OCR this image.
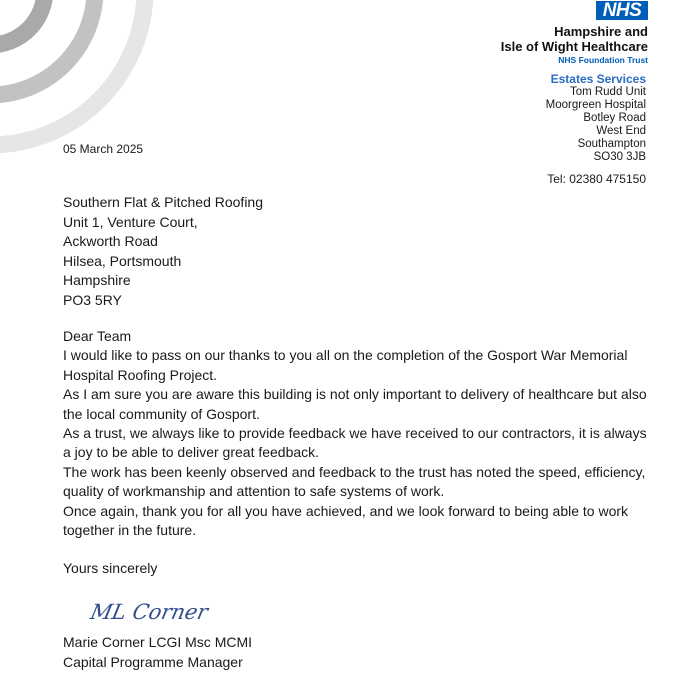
NHS
Hampshire and
Isle of Wight Healthcare
NHS Foundation Trust
Estates Services
Tom Rudd Unit
Moorgreen Hospital
Botley Road
West End
Southampton
SO30 3JB
Tel: 02380 475150
05 March 2025
Southern Flat & Pitched Roofing
Unit 1, Venture Court,
Ackworth Road
Hilsea, Portsmouth
Hampshire
PO3 5RY

Dear Team

I would like to pass on our thanks to you all on the completion of the Gosport War Memorial Hospital Roofing Project.

As I am sure you are aware this building is not only important to delivery of healthcare but also the local community of Gosport.

As a trust, we always like to provide feedback we have received to our contractors, it is always a joy to be able to deliver great feedback.

The work has been keenly observed and feedback to the trust has noted the speed, efficiency, quality of workmanship and attention to safe systems of work.

Once again, thank you for all you have achieved, and we look forward to being able to work together in the future.

Yours sincerely
ML Corner
Marie Corner LCGI Msc MCMI
Capital Programme Manager
